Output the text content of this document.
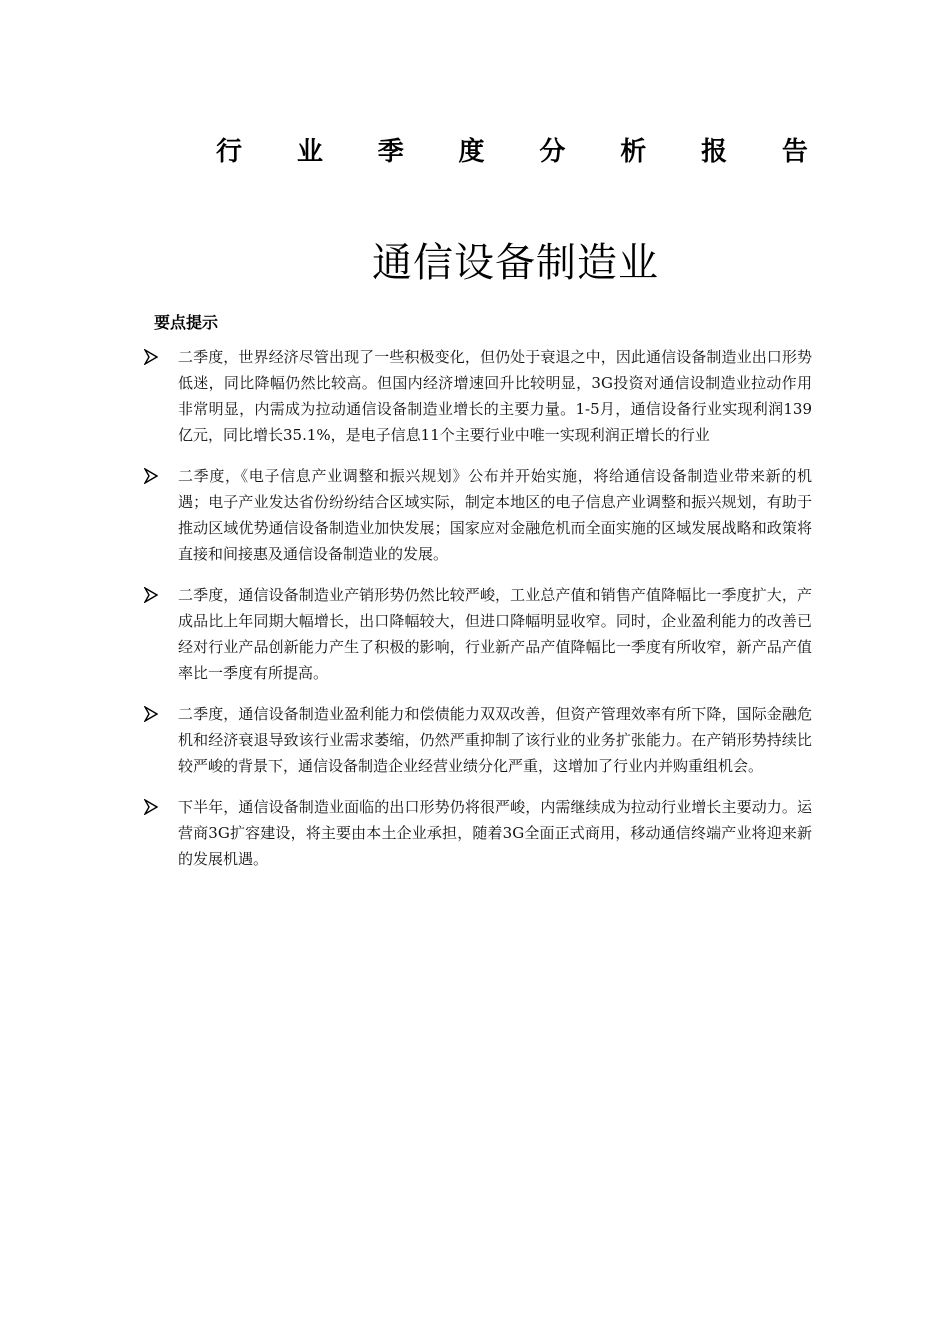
行 业 季 度 分 析 报 告
通信设备制造业
要点提示
二季度，世界经济尽管出现了一些积极变化，但仍处于衰退之中，因此通信设备制造业出口形势低迷，同比降幅仍然比较高。但国内经济增速回升比较明显，3G投资对通信设制造业拉动作用非常明显，内需成为拉动通信设备制造业增长的主要力量。1-5月，通信设备行业实现利润139亿元，同比增长35.1%，是电子信息11个主要行业中唯一实现利润正增长的行业
二季度，《电子信息产业调整和振兴规划》公布并开始实施，将给通信设备制造业带来新的机遇；电子产业发达省份纷纷结合区域实际，制定本地区的电子信息产业调整和振兴规划，有助于推动区域优势通信设备制造业加快发展；国家应对金融危机而全面实施的区域发展战略和政策将直接和间接惠及通信设备制造业的发展。
二季度，通信设备制造业产销形势仍然比较严峻，工业总产值和销售产值降幅比一季度扩大，产成品比上年同期大幅增长，出口降幅较大，但进口降幅明显收窄。同时，企业盈利能力的改善已经对行业产品创新能力产生了积极的影响，行业新产品产值降幅比一季度有所收窄，新产品产值率比一季度有所提高。
二季度，通信设备制造业盈利能力和偿债能力双双改善，但资产管理效率有所下降，国际金融危机和经济衰退导致该行业需求萎缩，仍然严重抑制了该行业的业务扩张能力。在产销形势持续比较严峻的背景下，通信设备制造企业经营业绩分化严重，这增加了行业内并购重组机会。
下半年，通信设备制造业面临的出口形势仍将很严峻，内需继续成为拉动行业增长主要动力。运营商3G扩容建设，将主要由本土企业承担，随着3G全面正式商用，移动通信终端产业将迎来新的发展机遇。
